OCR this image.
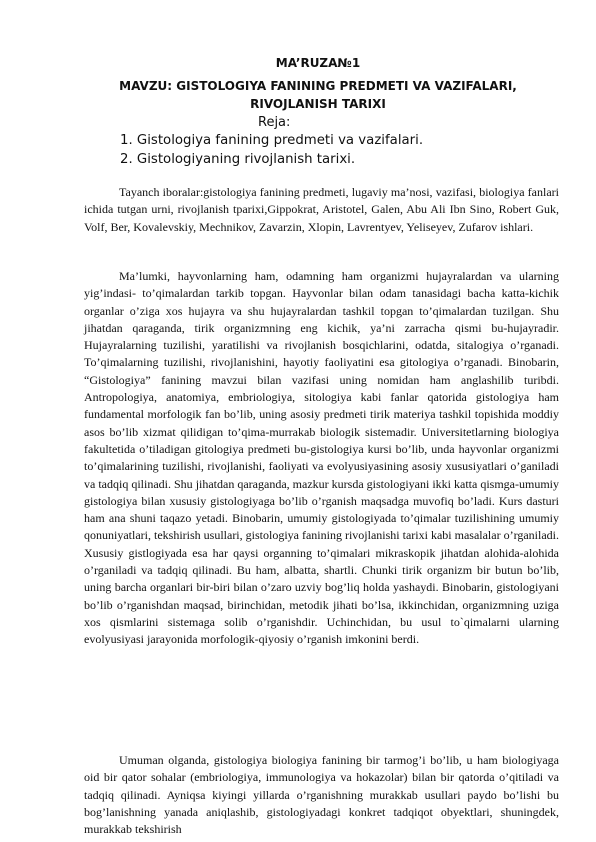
MA’RUZA№1
MAVZU: GISTOLOGIYA FANINING PREDMETI VA VAZIFALARI,
RIVOJLANISH TARIXI
Reja:
1. Gistologiya fanining predmeti va vazifalari.
2. Gistologiyaning rivojlanish tarixi.

Tayanch iboralar:gistologiya fanining predmeti, lugaviy ma’nosi, vazifasi, biologiya fanlari ichida tutgan urni, rivojlanish tparixi,Gippokrat, Aristotel, Galen, Abu Ali Ibn Sino, Robert Guk, Volf, Ber, Kovalevskiy, Mechnikov, Zavarzin, Xlopin, Lavrentyev, Yeliseyev, Zufarov ishlari.

Ma’lumki, hayvonlarning ham, odamning ham organizmi hujayralardan va ularning yig’indasi- to’qimalardan tarkib topgan. Hayvonlar bilan odam tanasidagi bacha katta-kichik organlar o’ziga xos hujayra va shu hujayralardan tashkil topgan to’qimalardan tuzilgan. Shu jihatdan qaraganda, tirik organizmning eng kichik, ya’ni zarracha qismi bu-hujayradir. Hujayralarning tuzilishi, yaratilishi va rivojlanish bosqichlarini, odatda, sitalogiya o’rganadi. To’qimalarning tuzilishi, rivojlanishini, hayotiy faoliyatini esa gitologiya o’rganadi. Binobarin, “Gistologiya” fanining mavzui bilan vazifasi uning nomidan ham anglashilib turibdi. Antropologiya, anatomiya, embriologiya, sitologiya kabi fanlar qatorida gistologiya ham fundamental morfologik fan bo’lib, uning asosiy predmeti tirik materiya tashkil topishida moddiy asos bo’lib xizmat qilidigan to’qima-murrakab biologik sistemadir. Universitetlarning biologiya fakultetida o’tiladigan gitologiya predmeti bu-gistologiya kursi bo’lib, unda hayvonlar organizmi to’qimalarining tuzilishi, rivojlanishi, faoliyati va evolyusiyasining asosiy xususiyatlari o’ganiladi va tadqiq qilinadi. Shu jihatdan qaraganda, mazkur kursda gistologiyani ikki katta qismga-umumiy gistologiya bilan xususiy gistologiyaga bo’lib o’rganish maqsadga muvofiq bo’ladi. Kurs dasturi ham ana shuni taqazo yetadi. Binobarin, umumiy gistologiyada to’qimalar tuzilishining umumiy qonuniyatlari, tekshirish usullari, gistologiya fanining rivojlanishi tarixi kabi masalalar o’rganiladi. Xususiy gistlogiyada esa har qaysi organning to’qimalari mikraskopik jihatdan alohida-alohida o’rganiladi va tadqiq qilinadi. Bu ham, albatta, shartli. Chunki tirik organizm bir butun bo’lib, uning barcha organlari bir-biri bilan o’zaro uzviy bog’liq holda yashaydi. Binobarin, gistologiyani bo’lib o’rganishdan maqsad, birinchidan, metodik jihati bo’lsa, ikkinchidan, organizmning uziga xos qismlarini sistemaga solib o’rganishdir. Uchinchidan, bu usul to`qimalarni ularning evolyusiyasi jarayonida morfologik-qiyosiy o’rganish imkonini berdi.

Umuman olganda, gistologiya biologiya fanining bir tarmog’i bo’lib, u ham biologiyaga oid bir qator sohalar (embriologiya, immunologiya va hokazolar) bilan bir qatorda o’qitiladi va tadqiq qilinadi. Ayniqsa kiyingi yillarda o’rganishning murakkab usullari paydo bo’lishi bu bog’lanishning yanada aniqlashib, gistologiyadagi konkret tadqiqot obyektlari, shuningdek, murakkab tekshirish
